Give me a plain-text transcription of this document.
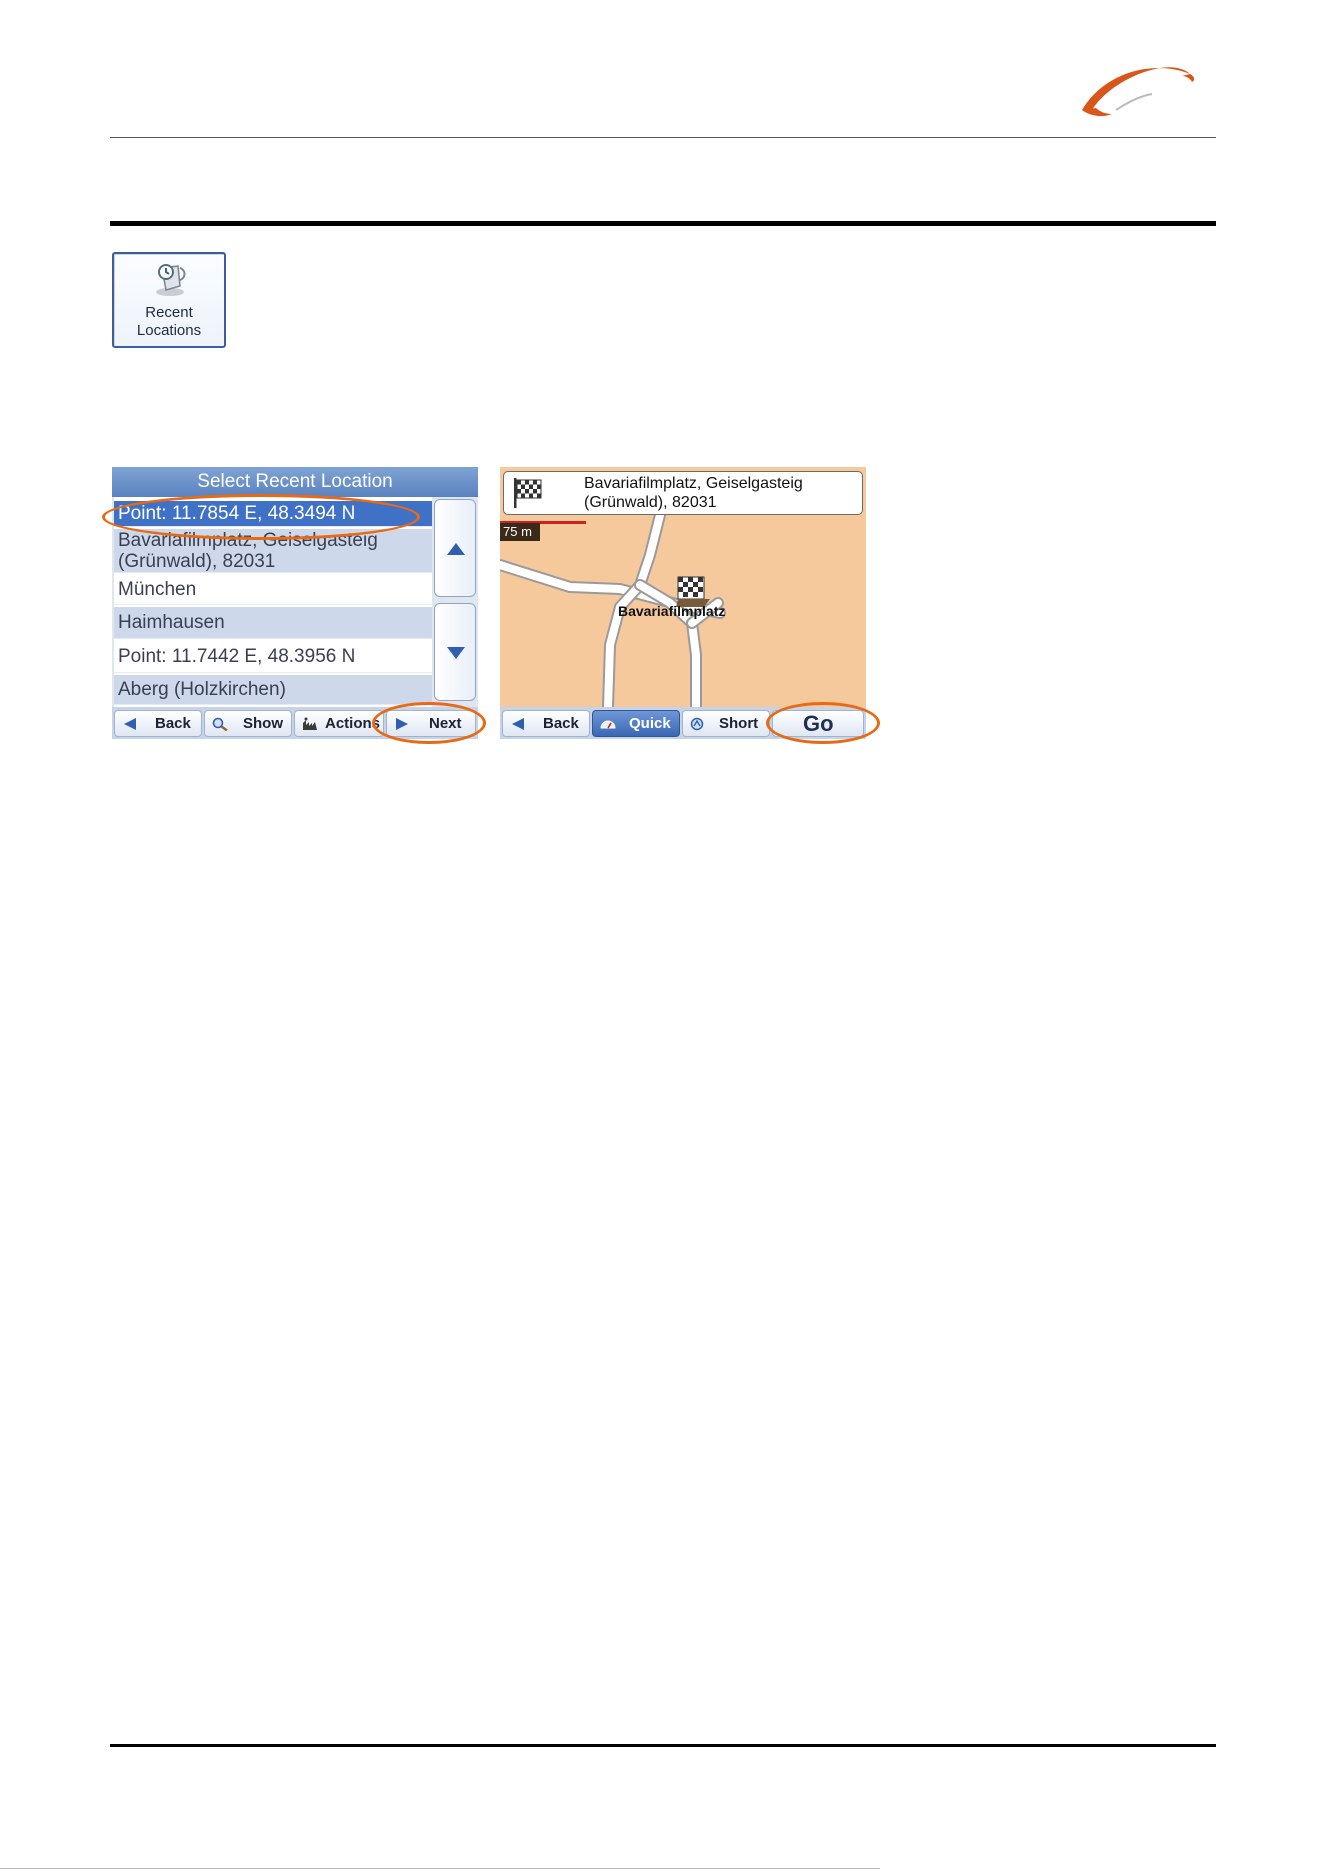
Recent
Locations
Select Recent Location
Point: 11.7854 E, 48.3494 N
Bavariafilmplatz, Geiselgasteig
(Grünwald), 82031
München
Haimhausen
Point: 11.7442 E, 48.3956 N
Aberg (Holzkirchen)
Back	Show	Actions	Next
75 m
Bavariafilmplatz
Bavariafilmplatz, Geiselgasteig
(Grünwald), 82031
Back	Quick	Short Go
